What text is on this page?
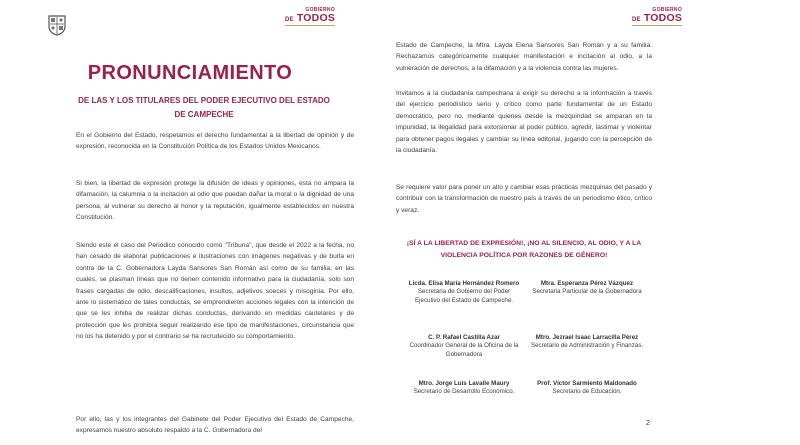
GOBIERNO
DE TODOS
PRONUNCIAMIENTO
DE LAS Y LOS TITULARES DEL PODER EJECUTIVO DEL ESTADO DE CAMPECHE

En el Gobierno del Estado, respetamos el derecho fundamental a la libertad de opinión y de expresión, reconocida en la Constitución Política de los Estados Unidos Mexicanos.

Si bien, la libertad de expresión protege la difusión de ideas y opiniones, esta no ampara la difamación, la calumnia o la incitación al odio que puedan dañar la moral o la dignidad de una persona, al vulnerar su derecho al honor y la reputación, igualmente establecidos en nuestra Constitución.

Siendo este el caso del Periódico conocido como "Tribuna", que desde el 2022 a la fecha, no han cesado de elaborar publicaciones e ilustraciones con imágenes negativas y de burla en contra de la C. Gobernadora Layda Sansores San Román así como de su familia, en las cuales, se plasman líneas que no tienen contenido informativo para la ciudadanía, solo son frases cargadas de odio, descalificaciones, insultos, adjetivos soeces y misoginia. Por ello, ante lo sistemático de tales conductas, se emprendieron acciones legales con la intención de que se les inhiba de realizar dichas conductas, derivando en medidas cautelares y de protección que les prohibía seguir realizando ese tipo de manifestaciones, circunstancia que no los ha detenido y por el contrario se ha recrudecido su comportamiento.

Por ello, las y los integrantes del Gabinete del Poder Ejecutivo del Estado de Campeche, expresamos nuestro absoluto respaldo a la C. Gobernadora del

GOBIERNO
DE TODOS

Estado de Campeche, la Mtra. Layda Elena Sansores San Román y a su familia. Rechazamos categóricamente cualquier manifestación e incitación al odio, a la vulneración de derechos, a la difamación y a la violencia contra las mujeres.

Invitamos a la ciudadanía campechana a exigir su derecho a la información a través del ejercicio periodístico serio y crítico como parte fundamental de un Estado democrático, pero no, mediante quienes desde la mezquindad se amparan en la impunidad, la ilegalidad para extorsionar al poder público, agredir, lastimar y violentar para obtener pagos ilegales y cambiar su línea editorial, jugando con la percepción de la ciudadanía.

Se requiere valor para poner un alto y cambiar esas prácticas mezquinas del pasado y contribuir con la transformación de nuestro país a través de un periodismo ético, crítico y veraz.

¡SÍ A LA LIBERTAD DE EXPRESIÓN!, ¡NO AL SILENCIO, AL ODIO, Y A LA VIOLENCIA POLÍTICA POR RAZONES DE GÉNERO!
Licda. Elisa María Hernández Romero
Secretaria de Gobierno del Poder Ejecutivo del Estado de Campeche.
Mtra. Esperanza Pérez Vázquez
Secretaria Particular de la Gobernadora
C. P. Rafael Castilla Azar
Coordinador General de la Oficina de la Gobernadora
Mtro. Jezrael Isaac Larracilla Pérez
Secretario de Administración y Finanzas.
Mtro. Jorge Luis Lavalle Maury
Secretario de Desarrollo Económico.
Prof. Víctor Sarmiento Maldonado
Secretario de Educación.
2
